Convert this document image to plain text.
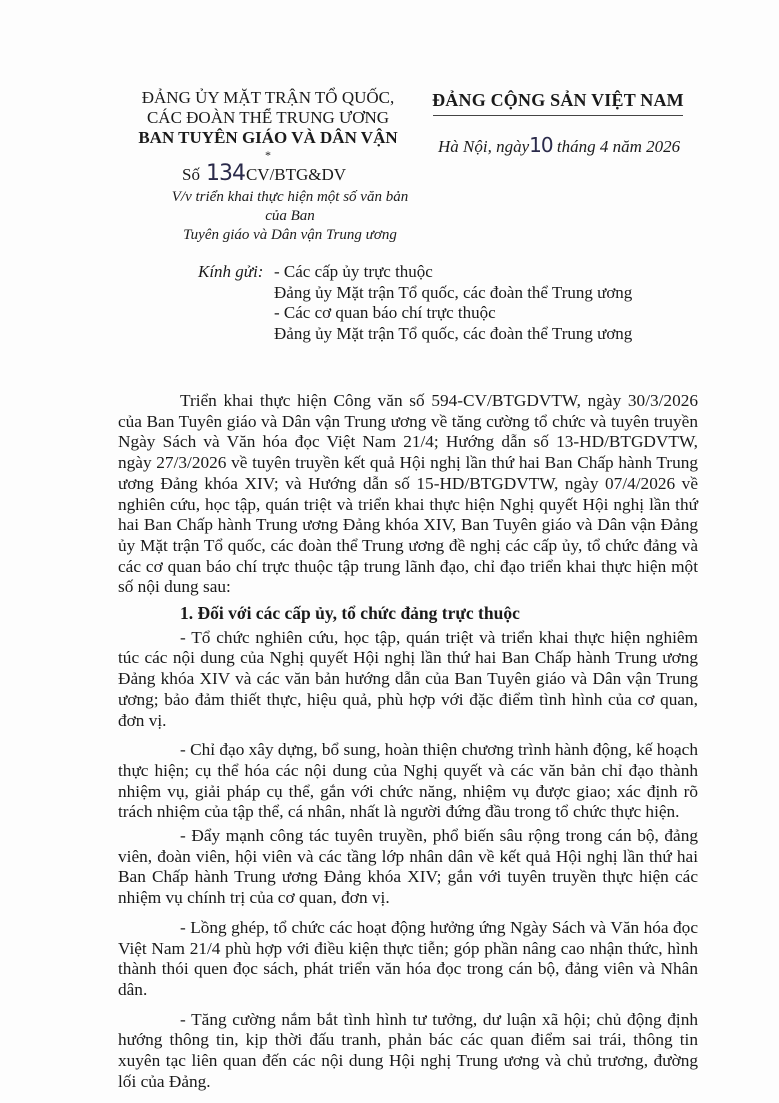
ĐẢNG ỦY MẶT TRẬN TỔ QUỐC,
CÁC ĐOÀN THỂ TRUNG ƯƠNG
BAN TUYÊN GIÁO VÀ DÂN VẬN
*
ĐẢNG CỘNG SẢN VIỆT NAM
Hà Nội, ngày10 tháng 4 năm 2026
Số 134CV/BTG&DV
V/v triển khai thực hiện một số văn bản của Ban
Tuyên giáo và Dân vận Trung ương
Kính gửi: - Các cấp ủy trực thuộc
Đảng ủy Mặt trận Tổ quốc, các đoàn thể Trung ương
- Các cơ quan báo chí trực thuộc
Đảng ủy Mặt trận Tổ quốc, các đoàn thể Trung ương

Triển khai thực hiện Công văn số 594-CV/BTGDVTW, ngày 30/3/2026 của Ban Tuyên giáo và Dân vận Trung ương về tăng cường tổ chức và tuyên truyền Ngày Sách và Văn hóa đọc Việt Nam 21/4; Hướng dẫn số 13-HD/BTGDVTW, ngày 27/3/2026 về tuyên truyền kết quả Hội nghị lần thứ hai Ban Chấp hành Trung ương Đảng khóa XIV; và Hướng dẫn số 15-HD/BTGDVTW, ngày 07/4/2026 về nghiên cứu, học tập, quán triệt và triển khai thực hiện Nghị quyết Hội nghị lần thứ hai Ban Chấp hành Trung ương Đảng khóa XIV, Ban Tuyên giáo và Dân vận Đảng ủy Mặt trận Tổ quốc, các đoàn thể Trung ương đề nghị các cấp ủy, tổ chức đảng và các cơ quan báo chí trực thuộc tập trung lãnh đạo, chỉ đạo triển khai thực hiện một số nội dung sau:

1. Đối với các cấp ủy, tổ chức đảng trực thuộc

- Tổ chức nghiên cứu, học tập, quán triệt và triển khai thực hiện nghiêm túc các nội dung của Nghị quyết Hội nghị lần thứ hai Ban Chấp hành Trung ương Đảng khóa XIV và các văn bản hướng dẫn của Ban Tuyên giáo và Dân vận Trung ương; bảo đảm thiết thực, hiệu quả, phù hợp với đặc điểm tình hình của cơ quan, đơn vị.

- Chỉ đạo xây dựng, bổ sung, hoàn thiện chương trình hành động, kế hoạch thực hiện; cụ thể hóa các nội dung của Nghị quyết và các văn bản chỉ đạo thành nhiệm vụ, giải pháp cụ thể, gắn với chức năng, nhiệm vụ được giao; xác định rõ trách nhiệm của tập thể, cá nhân, nhất là người đứng đầu trong tổ chức thực hiện.

- Đẩy mạnh công tác tuyên truyền, phổ biến sâu rộng trong cán bộ, đảng viên, đoàn viên, hội viên và các tầng lớp nhân dân về kết quả Hội nghị lần thứ hai Ban Chấp hành Trung ương Đảng khóa XIV; gắn với tuyên truyền thực hiện các nhiệm vụ chính trị của cơ quan, đơn vị.

- Lồng ghép, tổ chức các hoạt động hưởng ứng Ngày Sách và Văn hóa đọc Việt Nam 21/4 phù hợp với điều kiện thực tiễn; góp phần nâng cao nhận thức, hình thành thói quen đọc sách, phát triển văn hóa đọc trong cán bộ, đảng viên và Nhân dân.

- Tăng cường nắm bắt tình hình tư tưởng, dư luận xã hội; chủ động định hướng thông tin, kịp thời đấu tranh, phản bác các quan điểm sai trái, thông tin xuyên tạc liên quan đến các nội dung Hội nghị Trung ương và chủ trương, đường lối của Đảng.
